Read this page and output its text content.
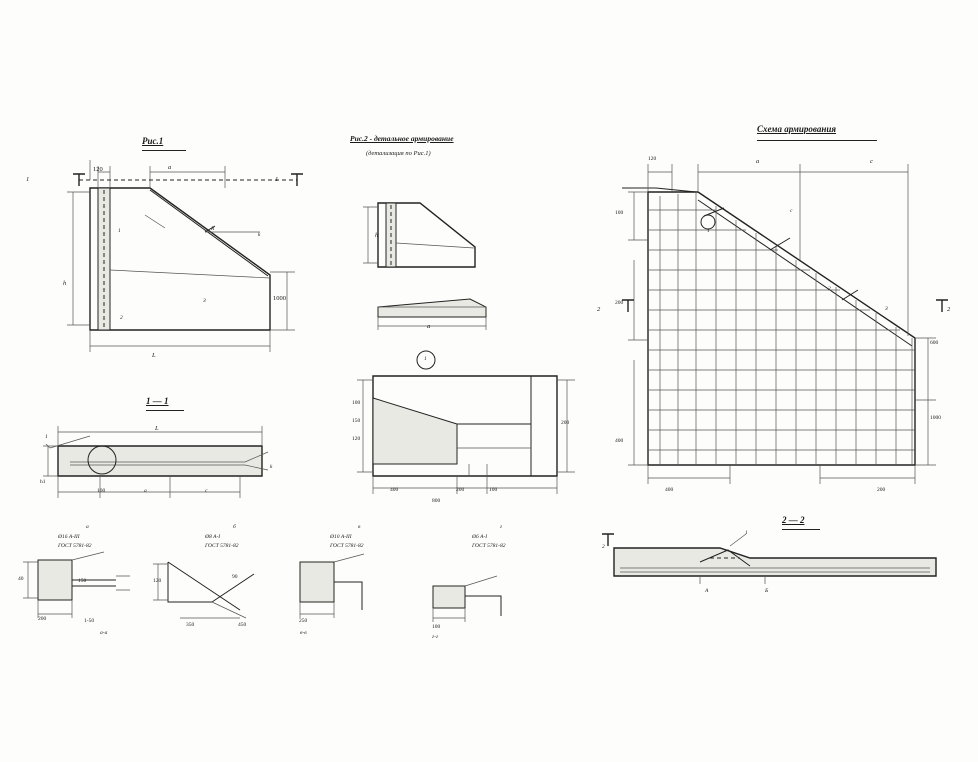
Рис.1
120	a
h
1000
L
1
2
3
R
k
1	1
Рис.2 - детальное армирование
(детализация по Рис.1)
h
a
1
1 — 1
L
1
h1
100	a	c
k
100
150
120
200
400	200	100
800
Схема армирования
120	a	c
100
200
400
400	200
600
1000
1
c
2
3
2	2
2 — 2
1
2
А	Б
Ø16 А-III
ГОСТ 5781-82
а
40	150
200	1-50
a-a
Ø8 А-I
ГОСТ 5781-82
б
120
90
350	450
Ø10 А-III
ГОСТ 5781-82
в
250
в-в
Ø6 А-I
ГОСТ 5781-82
г
100
г-г
